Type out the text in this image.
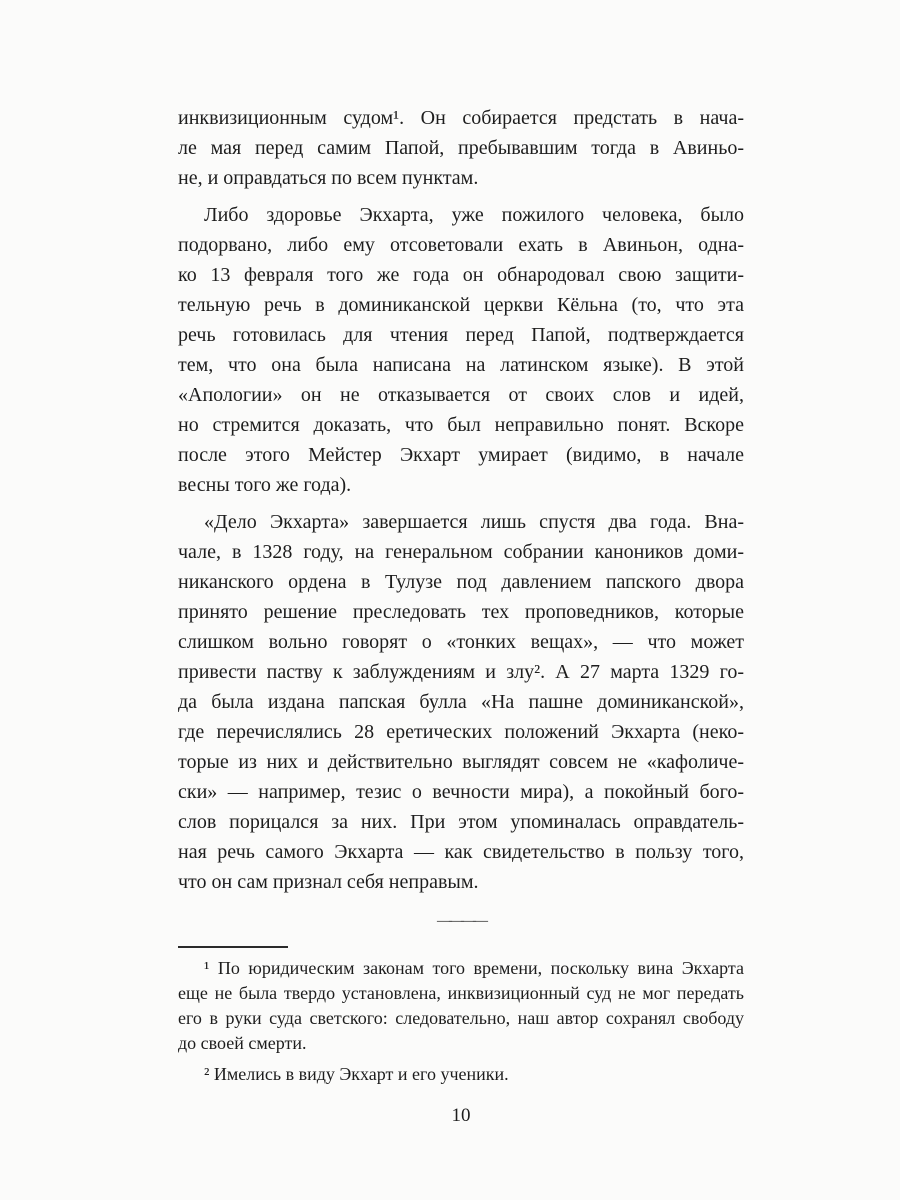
инквизиционным судом¹. Он собирается предстать в нача-
ле мая перед самим Папой, пребывавшим тогда в Авиньо-
не, и оправдаться по всем пунктам.
Либо здоровье Экхарта, уже пожилого человека, было
подорвано, либо ему отсоветовали ехать в Авиньон, одна-
ко 13 февраля того же года он обнародовал свою защити-
тельную речь в доминиканской церкви Кёльна (то, что эта
речь готовилась для чтения перед Папой, подтверждается
тем, что она была написана на латинском языке). В этой
«Апологии» он не отказывается от своих слов и идей,
но стремится доказать, что был неправильно понят. Вскоре
после этого Мейстер Экхарт умирает (видимо, в начале
весны того же года).
«Дело Экхарта» завершается лишь спустя два года. Вна-
чале, в 1328 году, на генеральном собрании каноников доми-
никанского ордена в Тулузе под давлением папского двора
принято решение преследовать тех проповедников, которые
слишком вольно говорят о «тонких вещах», — что может
привести паству к заблуждениям и злу². А 27 марта 1329 го-
да была издана папская булла «На пашне доминиканской»,
где перечислялись 28 еретических положений Экхарта (неко-
торые из них и действительно выглядят совсем не «кафоличе-
ски» — например, тезис о вечности мира), а покойный бого-
слов порицался за них. При этом упоминалась оправдатель-
ная речь самого Экхарта — как свидетельство в пользу того,
что он сам признал себя неправым.
————
¹ По юридическим законам того времени, поскольку вина Экхарта
еще не была твердо установлена, инквизиционный суд не мог передать
его в руки суда светского: следовательно, наш автор сохранял свободу
до своей смерти.
² Имелись в виду Экхарт и его ученики.
10
